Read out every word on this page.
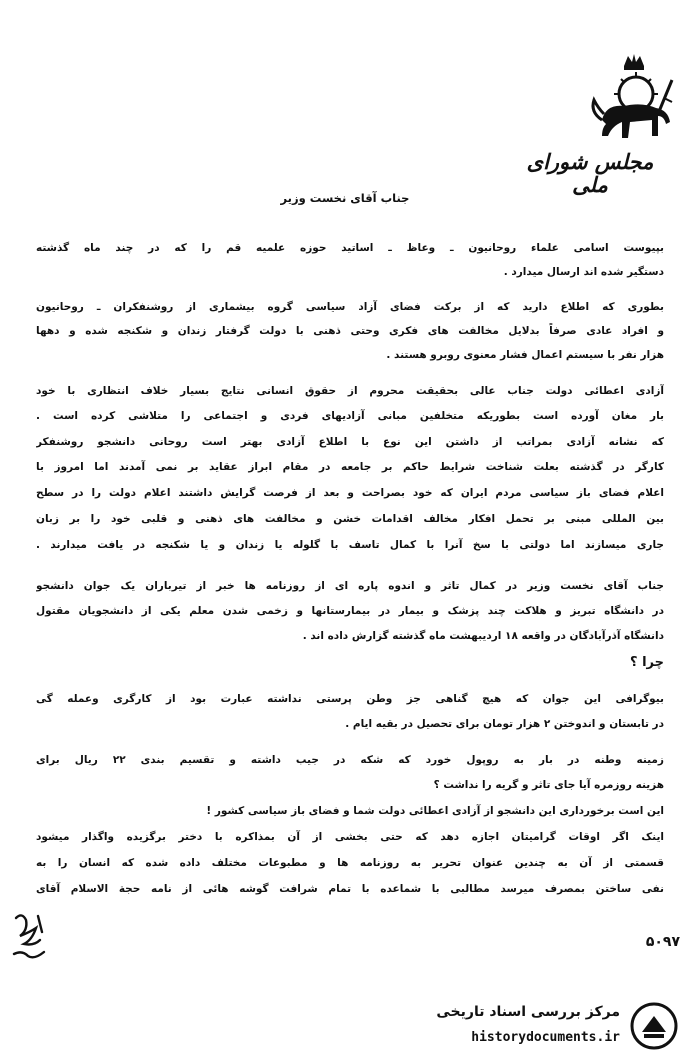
مجلس شورای ملی
جناب آقای نخست وزیر
بپیوست اسامی علماء روحانیون ـ وعاظ ـ اساتید حوزه علمیه قم را که در چند ماه گذشته
دستگیر شده اند ارسال میدارد .
بطوری که اطلاع دارید که از برکت فضای آزاد سیاسی گروه بیشماری از روشنفکران ـ روحانیون
و افراد عادی صرفاً بدلایل مخالفت های فکری وحتی ذهنی با دولت گرفتار زندان و شکنجه شده و دهها
هزار نفر با سیستم اعمال فشار معنوی روبرو هستند .
آزادی اعطائی دولت جناب عالی بحقیقت محروم از حقوق انسانی نتایج بسیار خلاف انتظاری با خود
بار مغان آورده است بطوریکه متخلفین مبانی آزادیهای فردی و اجتماعی را متلاشی کرده است .
که نشانه آزادی بمراتب از داشتن این نوع با اطلاع آزادی بهتر است روحانی دانشجو روشنفکر
کارگر در گذشته بعلت شناخت شرایط حاکم بر جامعه در مقام ابراز عقاید بر نمی آمدند اما امروز با
اعلام فضای باز سیاسی مردم ایران که خود بصراحت و بعد از فرصت گرایش داشتند اعلام دولت را در سطح
بین المللی مبنی بر تحمل افکار مخالف اقدامات خشن و مخالفت های ذهنی و قلبی خود را بر زبان
جاری میسازند اما دولتی با سخ آنرا با کمال تاسف با گلوله یا زندان و یا شکنجه در یافت میدارند .
جناب آقای نخست وزیر در کمال تاثر و اندوه پاره ای از روزنامه ها خبر از تیرباران یک جوان دانشجو
در دانشگاه تبریز و هلاکت چند پزشک و بیمار در بیمارستانها و زخمی شدن معلم یکی از دانشجویان مقتول
دانشگاه آذرآبادگان در واقعه ۱۸ اردیبهشت ماه گذشته گزارش داده اند .
چرا ؟
بیوگرافی این جوان که هیچ گناهی جز وطن پرستی نداشته عبارت بود از کارگری وعمله گی
در تابستان و اندوختن ۲ هزار تومان برای تحصیل در بقیه ایام .
زمینه وطنه در بار به روپول خورد که شکه در جیب داشته و تقسیم بندی ۲۲ ریال برای
هزینه روزمره آیا جای تاثر و گریه را نداشت ؟
این است برخورداری این دانشجو از آزادی اعطائی دولت شما و فضای باز سیاسی کشور !
اینک اگر اوقات گرامیتان اجازه دهد که حتی بخشی از آن بمذاکره با دختر برگزیده واگذار میشود
قسمتی از آن به چندین عنوان تحریر به روزنامه ها و مطبوعات مختلف داده شده که انسان را به
نفی ساختن بمصرف میرسد مطالبی با شماعده با تمام شرافت گوشه هائی از نامه حجة الاسلام آقای
۵۰۹۷
مرکز بررسی اسناد تاریخی
historydocuments.ir
